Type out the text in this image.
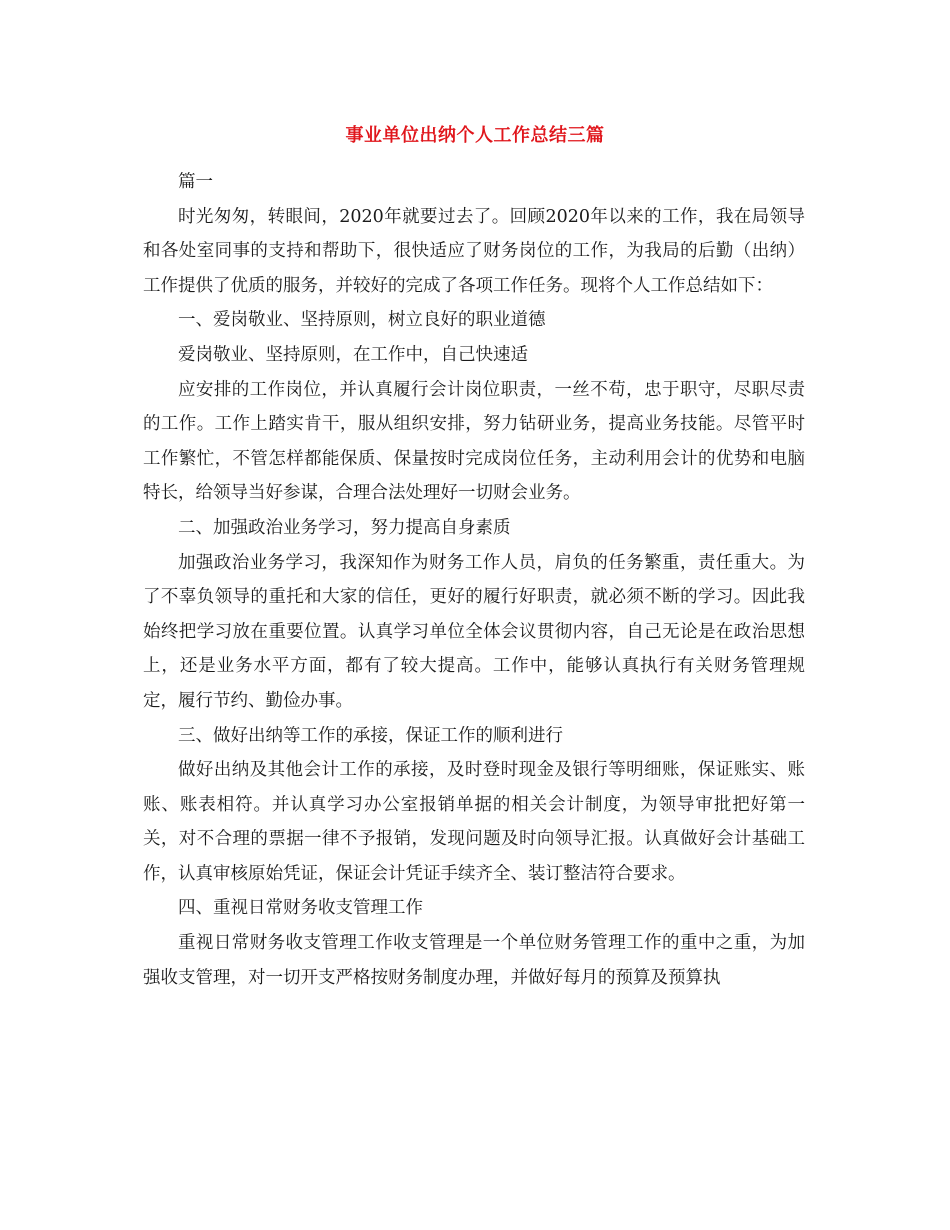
事业单位出纳个人工作总结三篇

篇一

时光匆匆，转眼间，2020年就要过去了。回顾2020年以来的工作，我在局领导和各处室同事的支持和帮助下，很快适应了财务岗位的工作，为我局的后勤（出纳）工作提供了优质的服务，并较好的完成了各项工作任务。现将个人工作总结如下：

一、爱岗敬业、坚持原则，树立良好的职业道德

爱岗敬业、坚持原则，在工作中，自己快速适

应安排的工作岗位，并认真履行会计岗位职责，一丝不苟，忠于职守，尽职尽责的工作。工作上踏实肯干，服从组织安排，努力钻研业务，提高业务技能。尽管平时工作繁忙，不管怎样都能保质、保量按时完成岗位任务，主动利用会计的优势和电脑特长，给领导当好参谋，合理合法处理好一切财会业务。

二、加强政治业务学习，努力提高自身素质

加强政治业务学习，我深知作为财务工作人员，肩负的任务繁重，责任重大。为了不辜负领导的重托和大家的信任，更好的履行好职责，就必须不断的学习。因此我始终把学习放在重要位置。认真学习单位全体会议贯彻内容，自己无论是在政治思想上，还是业务水平方面，都有了较大提高。工作中，能够认真执行有关财务管理规定，履行节约、勤俭办事。

三、做好出纳等工作的承接，保证工作的顺利进行

做好出纳及其他会计工作的承接，及时登时现金及银行等明细账，保证账实、账账、账表相符。并认真学习办公室报销单据的相关会计制度，为领导审批把好第一关，对不合理的票据一律不予报销，发现问题及时向领导汇报。认真做好会计基础工作，认真审核原始凭证，保证会计凭证手续齐全、装订整洁符合要求。

四、重视日常财务收支管理工作

重视日常财务收支管理工作收支管理是一个单位财务管理工作的重中之重，为加强收支管理，对一切开支严格按财务制度办理，并做好每月的预算及预算执
